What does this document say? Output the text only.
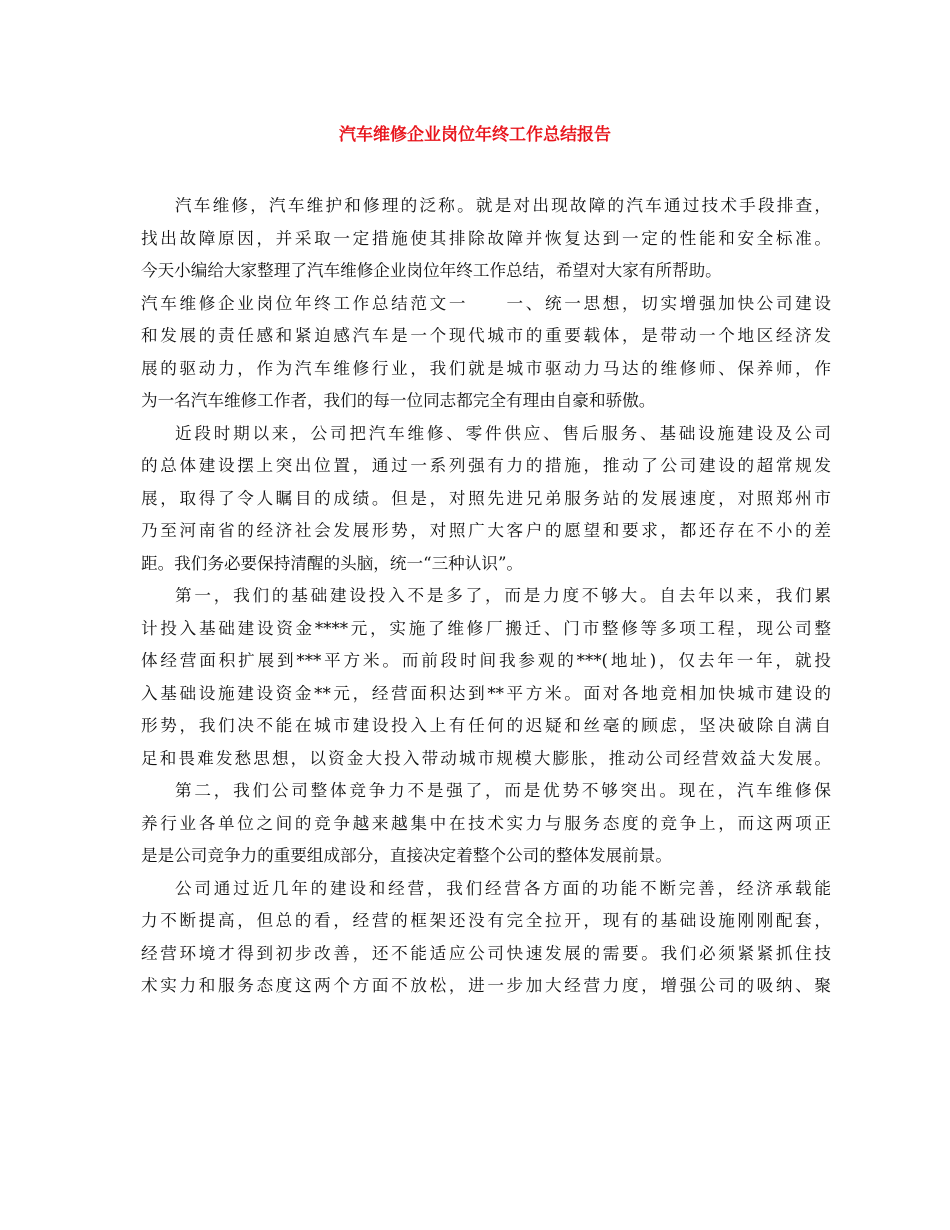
汽车维修企业岗位年终工作总结报告
汽车维修，汽车维护和修理的泛称。就是对出现故障的汽车通过技术手段排查，
找出故障原因，并采取一定措施使其排除故障并恢复达到一定的性能和安全标准。
今天小编给大家整理了汽车维修企业岗位年终工作总结，希望对大家有所帮助。
汽车维修企业岗位年终工作总结范文一　　一、统一思想，切实增强加快公司建设
和发展的责任感和紧迫感汽车是一个现代城市的重要载体，是带动一个地区经济发
展的驱动力，作为汽车维修行业，我们就是城市驱动力马达的维修师、保养师，作
为一名汽车维修工作者，我们的每一位同志都完全有理由自豪和骄傲。
近段时期以来，公司把汽车维修、零件供应、售后服务、基础设施建设及公司
的总体建设摆上突出位置，通过一系列强有力的措施，推动了公司建设的超常规发
展，取得了令人瞩目的成绩。但是，对照先进兄弟服务站的发展速度，对照郑州市
乃至河南省的经济社会发展形势，对照广大客户的愿望和要求，都还存在不小的差
距。我们务必要保持清醒的头脑，统一“三种认识”。
第一，我们的基础建设投入不是多了，而是力度不够大。自去年以来，我们累
计投入基础建设资金****元，实施了维修厂搬迁、门市整修等多项工程，现公司整
体经营面积扩展到***平方米。而前段时间我参观的***(地址)，仅去年一年，就投
入基础设施建设资金**元，经营面积达到**平方米。面对各地竞相加快城市建设的
形势，我们决不能在城市建设投入上有任何的迟疑和丝毫的顾虑，坚决破除自满自
足和畏难发愁思想，以资金大投入带动城市规模大膨胀，推动公司经营效益大发展。
第二，我们公司整体竞争力不是强了，而是优势不够突出。现在，汽车维修保
养行业各单位之间的竞争越来越集中在技术实力与服务态度的竞争上，而这两项正
是是公司竞争力的重要组成部分，直接决定着整个公司的整体发展前景。
公司通过近几年的建设和经营，我们经营各方面的功能不断完善，经济承载能
力不断提高，但总的看，经营的框架还没有完全拉开，现有的基础设施刚刚配套，
经营环境才得到初步改善，还不能适应公司快速发展的需要。我们必须紧紧抓住技
术实力和服务态度这两个方面不放松，进一步加大经营力度，增强公司的吸纳、聚
